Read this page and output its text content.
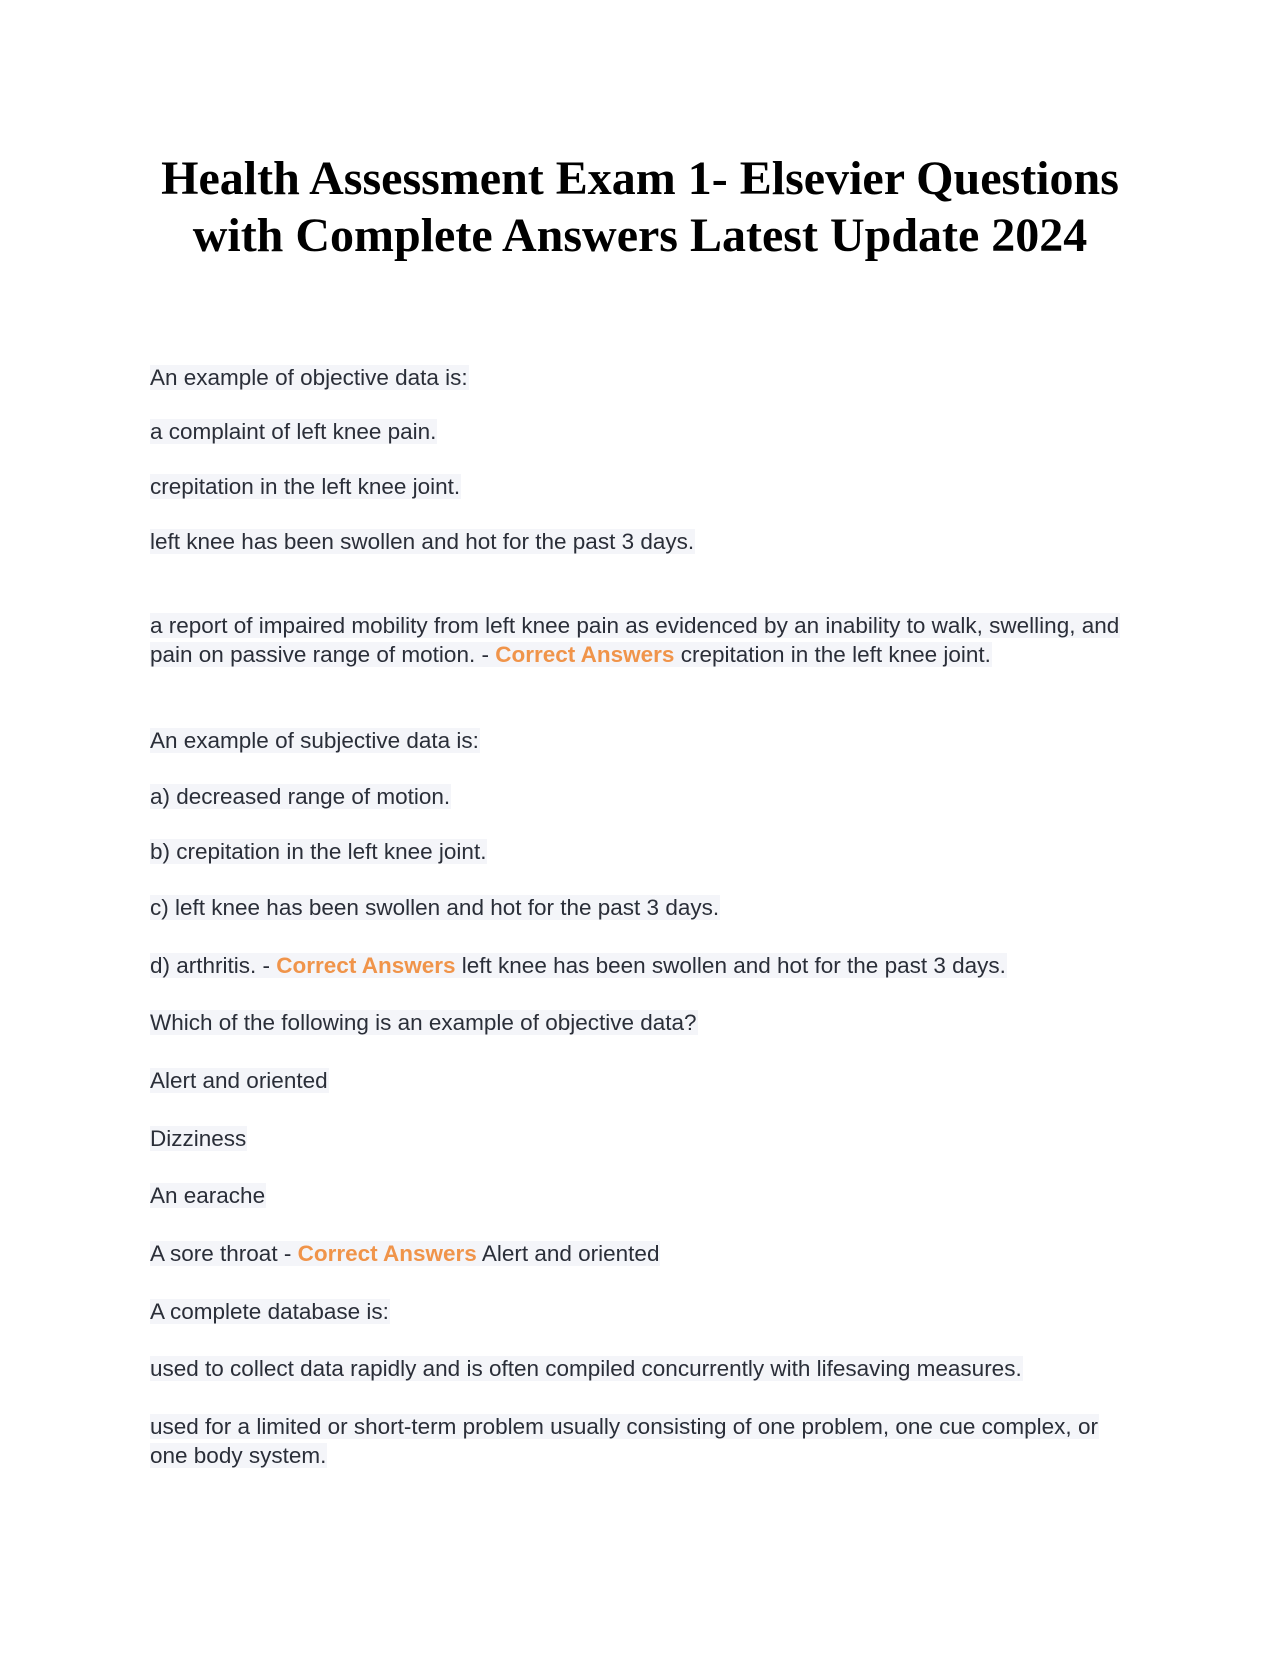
Health Assessment Exam 1- Elsevier Questions with Complete Answers Latest Update 2024

An example of objective data is:

a complaint of left knee pain.

crepitation in the left knee joint.

left knee has been swollen and hot for the past 3 days.

a report of impaired mobility from left knee pain as evidenced by an inability to walk, swelling, and pain on passive range of motion. - Correct Answers crepitation in the left knee joint.

An example of subjective data is:

a) decreased range of motion.

b) crepitation in the left knee joint.

c) left knee has been swollen and hot for the past 3 days.

d) arthritis. - Correct Answers left knee has been swollen and hot for the past 3 days.

Which of the following is an example of objective data?

Alert and oriented

Dizziness

An earache

A sore throat - Correct Answers Alert and oriented

A complete database is:

used to collect data rapidly and is often compiled concurrently with lifesaving measures.

used for a limited or short-term problem usually consisting of one problem, one cue complex, or one body system.
